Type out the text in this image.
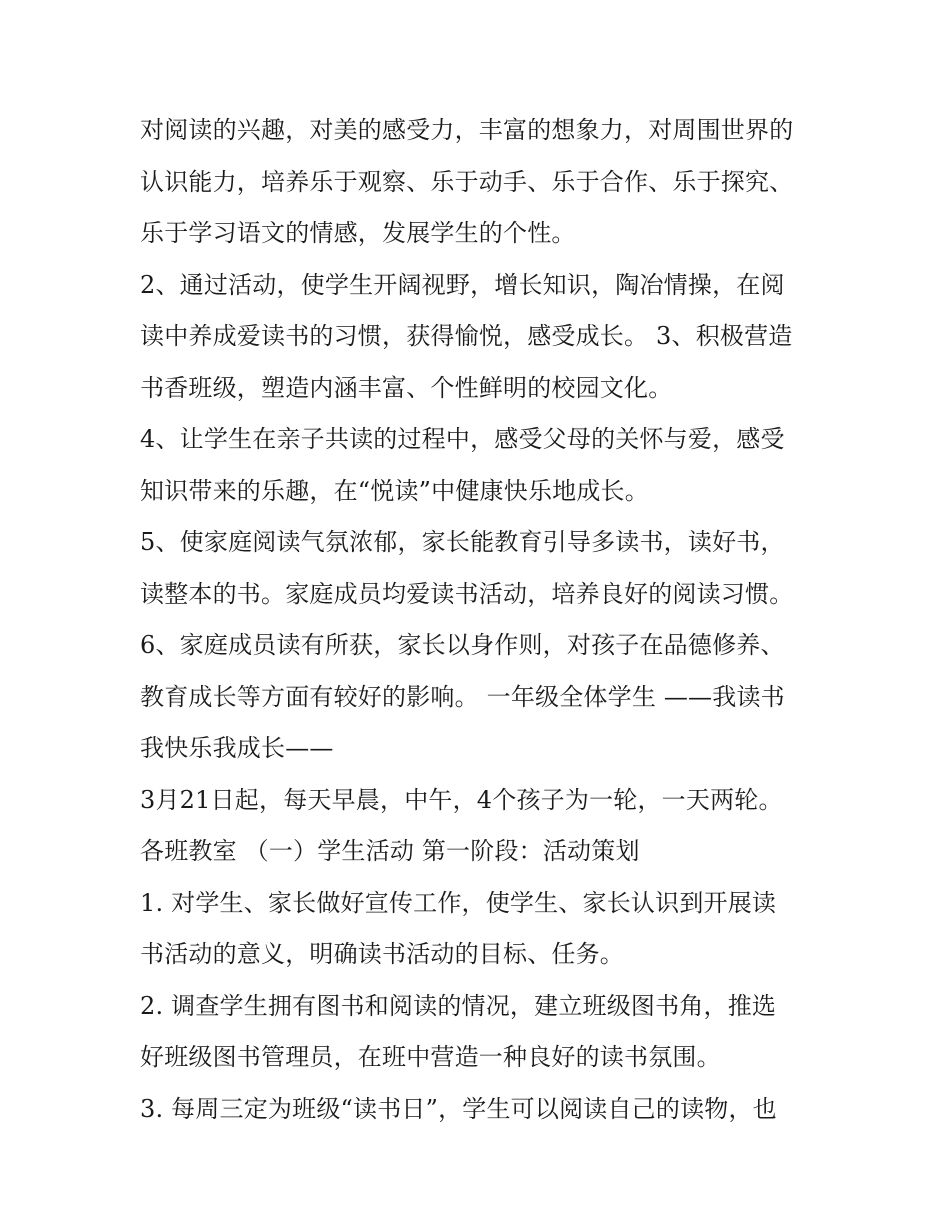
对阅读的兴趣，对美的感受力，丰富的想象力，对周围世界的
认识能力，培养乐于观察、乐于动手、乐于合作、乐于探究、
乐于学习语文的情感，发展学生的个性。
2、通过活动，使学生开阔视野，增长知识，陶冶情操，在阅
读中养成爱读书的习惯，获得愉悦，感受成长。 3、积极营造
书香班级，塑造内涵丰富、个性鲜明的校园文化。
4、让学生在亲子共读的过程中，感受父母的关怀与爱，感受
知识带来的乐趣，在“悦读”中健康快乐地成长。
5、使家庭阅读气氛浓郁，家长能教育引导多读书，读好书，
读整本的书。家庭成员均爱读书活动，培养良好的阅读习惯。
6、家庭成员读有所获，家长以身作则，对孩子在品德修养、
教育成长等方面有较好的影响。 一年级全体学生 ——我读书
我快乐我成长——
3月21日起，每天早晨，中午，4个孩子为一轮，一天两轮。
各班教室 （一）学生活动 第一阶段：活动策划
1. 对学生、家长做好宣传工作，使学生、家长认识到开展读
书活动的意义，明确读书活动的目标、任务。
2. 调查学生拥有图书和阅读的情况，建立班级图书角，推选
好班级图书管理员，在班中营造一种良好的读书氛围。
3. 每周三定为班级“读书日”，学生可以阅读自己的读物，也
